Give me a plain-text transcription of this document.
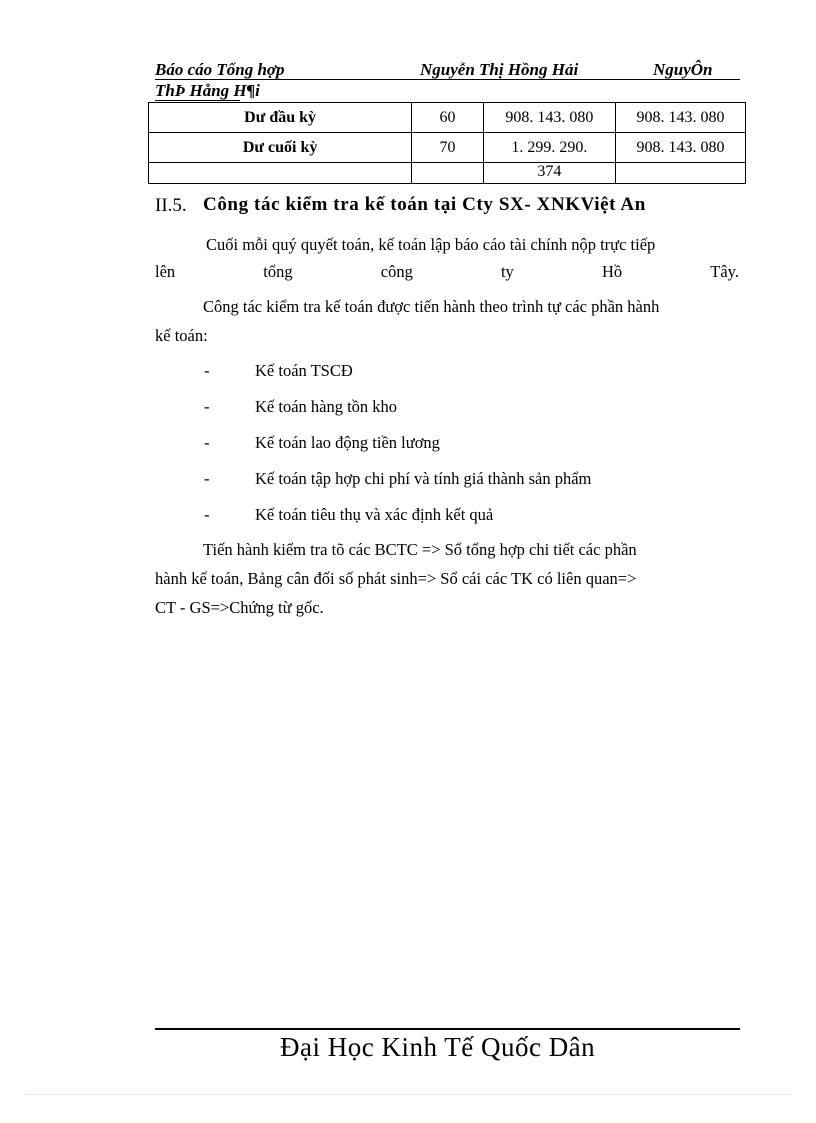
Báo cáo Tổng hợp	Nguyễn Thị Hồng Hải	NguyÔn
ThÞ Hång H¶i
Dư đầu kỳ	60	908. 143. 080	908. 143. 080
Dư cuối kỳ	70	1. 299. 290.	908. 143. 080
		374	
II.5. Công tác kiểm tra kế toán tại Cty SX- XNKViệt An
Cuối mỗi quý quyết toán, kế toán lập báo cáo tài chính nộp trực tiếp
lên	tổng	công	ty	Hồ	Tây.
Công tác kiểm tra kế toán được tiến hành theo trình tự các phần hành
kế toán:
-	Kế toán TSCĐ
-	Kế toán hàng tồn kho
-	Kế toán lao động tiền lương
-	Kế toán tập hợp chi phí và tính giá thành sản phẩm
-	Kế toán tiêu thụ và xác định kết quả
Tiến hành kiểm tra tõ các BCTC => Sổ tổng hợp chi tiết các phần
hành kế toán, Bảng cân đối số phát sinh=> Sổ cái các TK có liên quan=>
CT - GS=>Chứng từ gốc.
Đại Học Kinh Tế Quốc Dân
